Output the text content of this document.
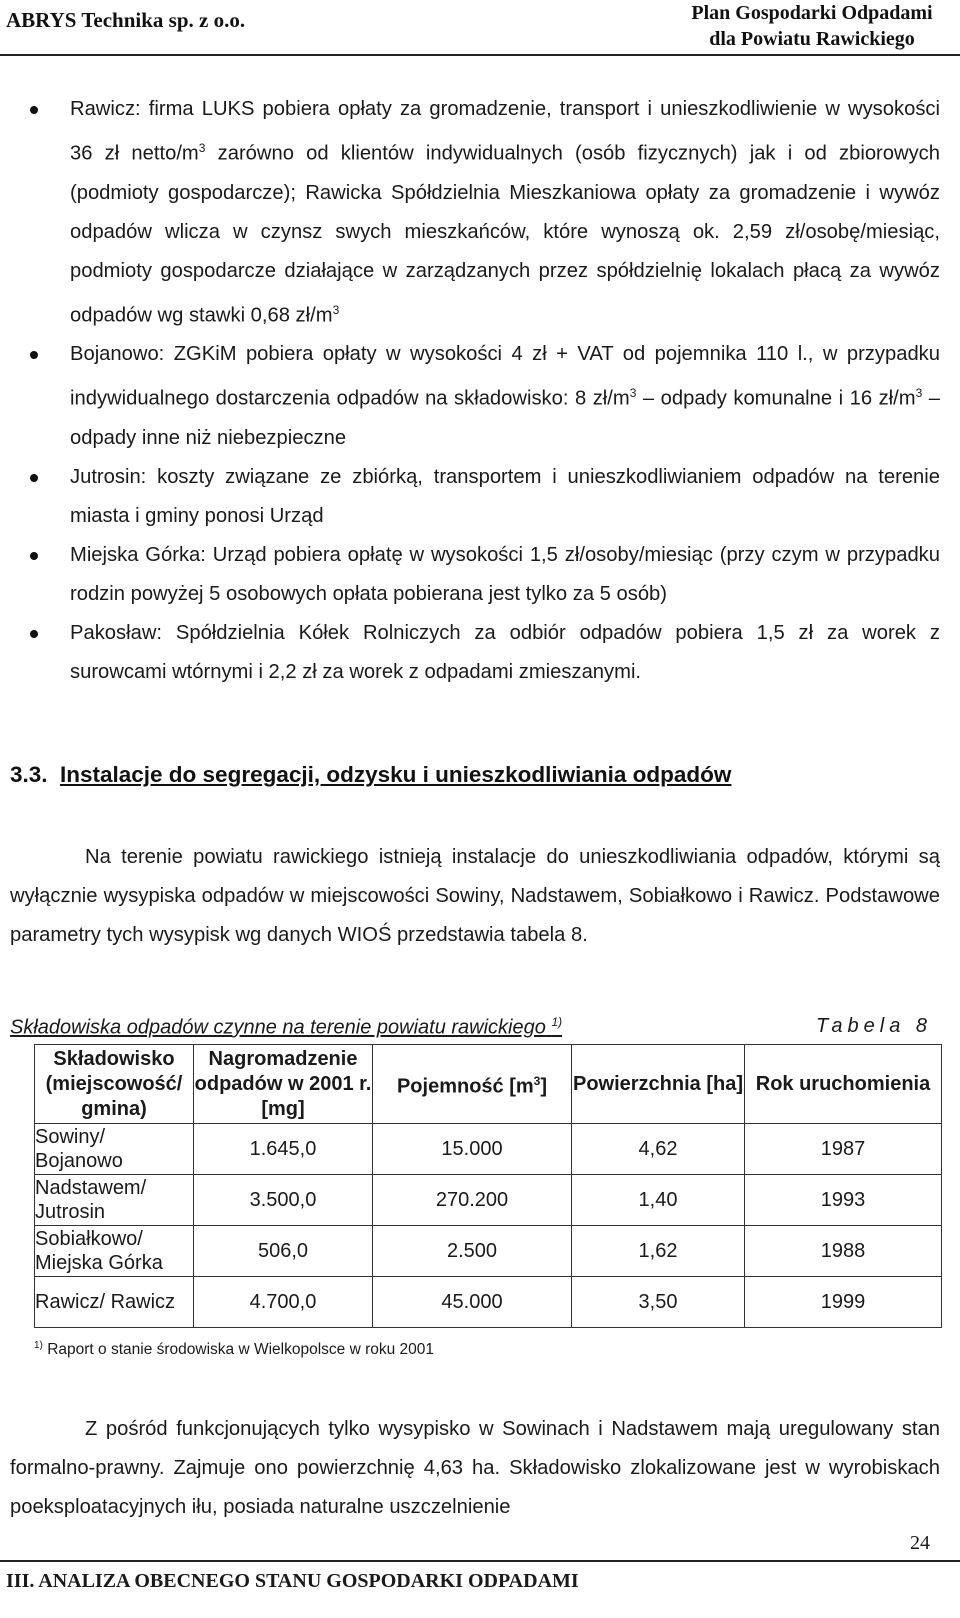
ABRYS Technika sp. z o.o.	Plan Gospodarki Odpadami
dla Powiatu Rawickiego
Rawicz: firma LUKS pobiera opłaty za gromadzenie, transport i unieszkodliwienie w wysokości 36 zł netto/$m^3$ zarówno od klientów indywidualnych (osób fizycznych) jak i od zbiorowych (podmioty gospodarcze); Rawicka Spółdzielnia Mieszkaniowa opłaty za gromadzenie i wywóz odpadów wlicza w czynsz swych mieszkańców, które wynoszą ok. 2,59 zł/osobę/miesiąc, podmioty gospodarcze działające w zarządzanych przez spółdzielnię lokalach płacą za wywóz odpadów wg stawki 0,68 $zł/m^3$
Bojanowo: ZGKiM pobiera opłaty w wysokości 4 zł + VAT od pojemnika 110 l., w przypadku indywidualnego dostarczenia odpadów na składowisko: 8 $zł/m^3$ – odpady komunalne i 16 $zł/m^3$ – odpady inne niż niebezpieczne
Jutrosin: koszty związane ze zbiórką, transportem i unieszkodliwianiem odpadów na terenie miasta i gminy ponosi Urząd
Miejska Górka: Urząd pobiera opłatę w wysokości 1,5 zł/osoby/miesiąc (przy czym w przypadku rodzin powyżej 5 osobowych opłata pobierana jest tylko za 5 osób)
Pakosław: Spółdzielnia Kółek Rolniczych za odbiór odpadów pobiera 1,5 zł za worek z surowcami wtórnymi i 2,2 zł za worek z odpadami zmieszanymi.
3.3. Instalacje do segregacji, odzysku i unieszkodliwiania odpadów
Na terenie powiatu rawickiego istnieją instalacje do unieszkodliwiania odpadów, którymi są wyłącznie wysypiska odpadów w miejscowości Sowiny, Nadstawem, Sobiałkowo i Rawicz. Podstawowe parametry tych wysypisk wg danych WIOŚ przedstawia tabela 8.
Składowiska odpadów czynne na terenie powiatu rawickiego $^{1)}$	Tabela 8
Składowisko (miejscowość/ gmina)	Nagromadzenie odpadów w 2001 r.[mg]	Pojemność $[m^3]$	Powierzchnia [ha]	Rok uruchomienia
Sowiny/ Bojanowo	1.645,0	15.000	4,62	1987
Nadstawem/ Jutrosin	3.500,0	270.200	1,40	1993
Sobiałkowo/ Miejska Górka	506,0	2.500	1,62	1988
Rawicz/ Rawicz	4.700,0	45.000	3,50	1999
$^{1)}$ Raport o stanie środowiska w Wielkopolsce w roku 2001
Z pośród funkcjonujących tylko wysypisko w Sowinach i Nadstawem mają uregulowany stan formalno-prawny. Zajmuje ono powierzchnię 4,63 ha. Składowisko zlokalizowane jest w wyrobiskach poeksploatacyjnych iłu, posiada naturalne uszczelnienie
24
III. ANALIZA OBECNEGO STANU GOSPODARKI ODPADAMI
